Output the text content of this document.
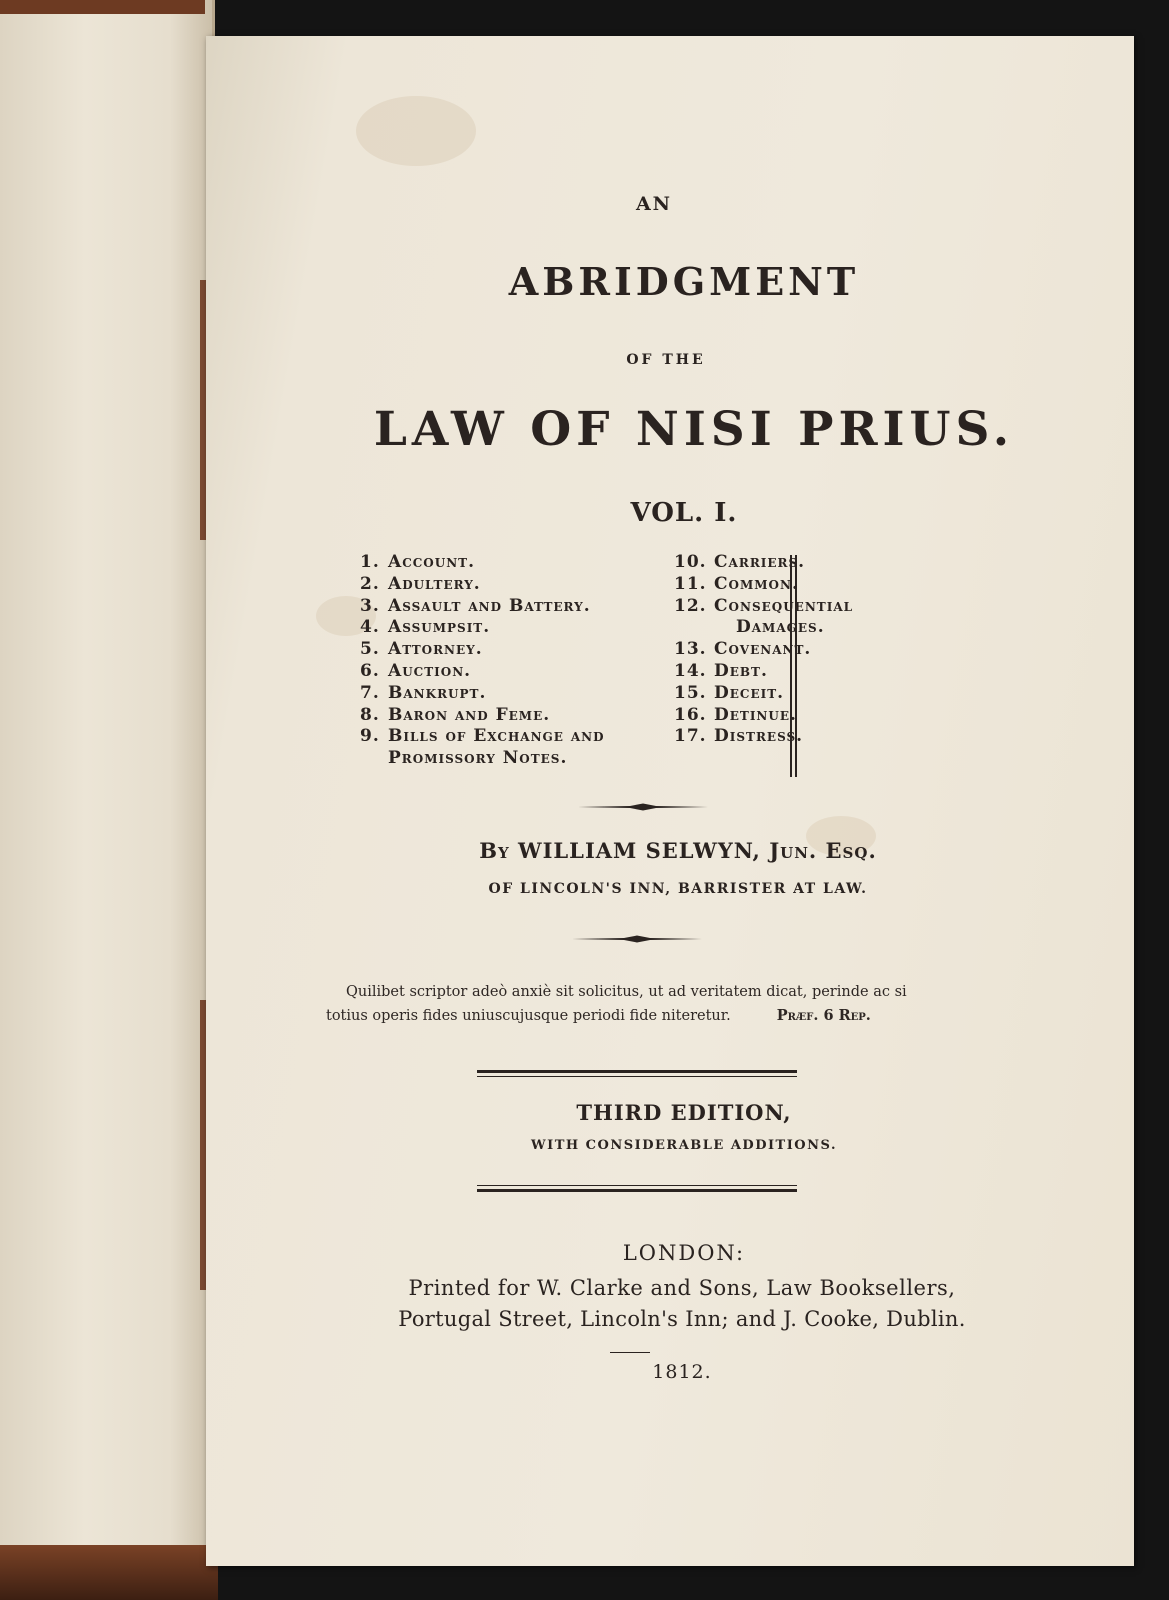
AN
ABRIDGMENT
OF THE
LAW OF NISI PRIUS.
VOL. I.
1. Account.
2. Adultery.
3. Assault and Battery.
4. Assumpsit.
5. Attorney.
6. Auction.
7. Bankrupt.
8. Baron and Feme.
9. Bills of Exchange and
Promissory Notes.
10. Carriers.
11. Common.
12. Consequential
Damages.
13. Covenant.
14. Debt.
15. Deceit.
16. Detinue.
17. Distress.
By WILLIAM SELWYN, Jun. Esq.
OF LINCOLN'S INN, BARRISTER AT LAW.
Quilibet scriptor adeò anxiè sit solicitus, ut ad veritatem dicat, perinde ac si
totius operis fides uniuscujusque periodi fide niteretur.	Præf. 6 Rep.
THIRD EDITION,
WITH CONSIDERABLE ADDITIONS.
LONDON:
Printed for W. Clarke and Sons, Law Booksellers,
Portugal Street, Lincoln's Inn; and J. Cooke, Dublin.
1812.
